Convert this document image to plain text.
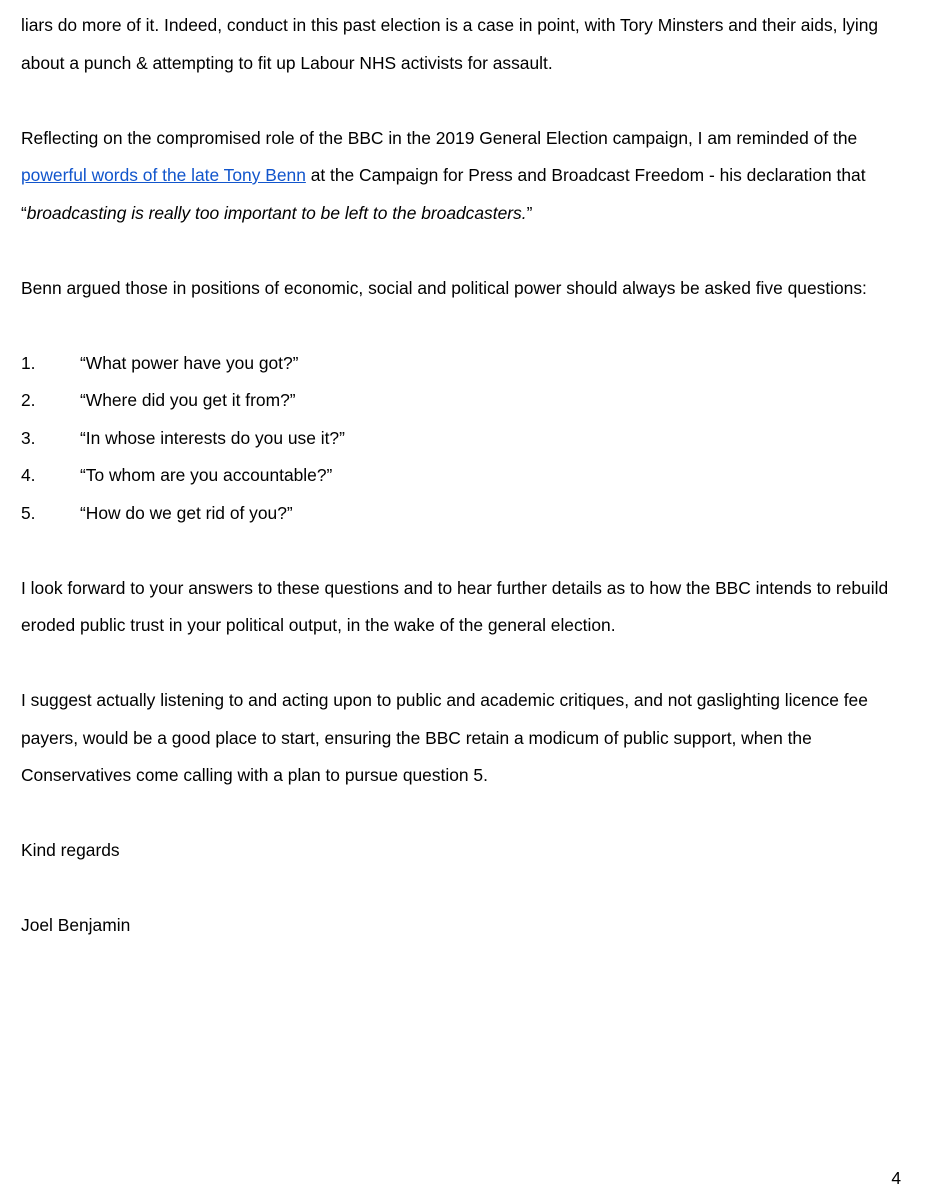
liars do more of it. Indeed, conduct in this past election is a case in point, with Tory Minsters and their aids, lying about a punch & attempting to fit up Labour NHS activists for assault.

Reflecting on the compromised role of the BBC in the 2019 General Election campaign, I am reminded of the powerful words of the late Tony Benn at the Campaign for Press and Broadcast Freedom - his declaration that “broadcasting is really too important to be left to the broadcasters.”

Benn argued those in positions of economic, social and political power should always be asked five questions:

1.	“What power have you got?”
2.	“Where did you get it from?”
3.	“In whose interests do you use it?”
4.	“To whom are you accountable?”
5.	“How do we get rid of you?”

I look forward to your answers to these questions and to hear further details as to how the BBC intends to rebuild eroded public trust in your political output, in the wake of the general election.

I suggest actually listening to and acting upon to public and academic critiques, and not gaslighting licence fee payers, would be a good place to start, ensuring the BBC retain a modicum of public support, when the Conservatives come calling with a plan to pursue question 5.

Kind regards

Joel Benjamin

4
